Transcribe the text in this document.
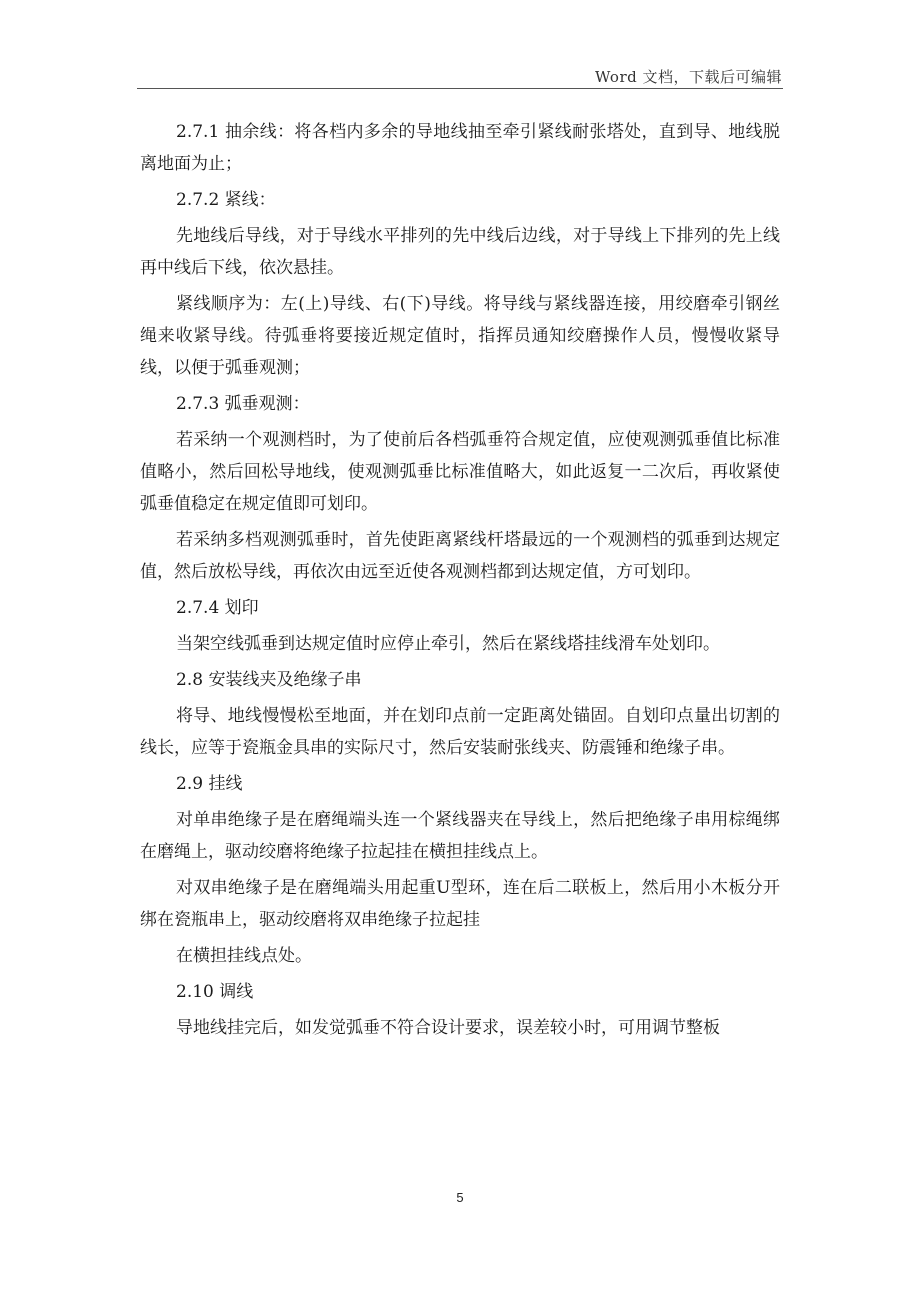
Word 文档，下载后可编辑

2.7.1 抽余线：将各档内多余的导地线抽至牵引紧线耐张塔处，直到导、地线脱离地面为止；

2.7.2 紧线：

先地线后导线，对于导线水平排列的先中线后边线，对于导线上下排列的先上线再中线后下线，依次悬挂。

紧线顺序为：左(上)导线、右(下)导线。将导线与紧线器连接，用绞磨牵引钢丝绳来收紧导线。待弧垂将要接近规定值时，指挥员通知绞磨操作人员，慢慢收紧导线，以便于弧垂观测；

2.7.3 弧垂观测：

若采纳一个观测档时，为了使前后各档弧垂符合规定值，应使观测弧垂值比标准值略小，然后回松导地线，使观测弧垂比标准值略大，如此返复一二次后，再收紧使弧垂值稳定在规定值即可划印。

若采纳多档观测弧垂时，首先使距离紧线杆塔最远的一个观测档的弧垂到达规定值，然后放松导线，再依次由远至近使各观测档都到达规定值，方可划印。

2.7.4 划印

当架空线弧垂到达规定值时应停止牵引，然后在紧线塔挂线滑车处划印。

2.8 安装线夹及绝缘子串

将导、地线慢慢松至地面，并在划印点前一定距离处锚固。自划印点量出切割的线长，应等于瓷瓶金具串的实际尺寸，然后安装耐张线夹、防震锤和绝缘子串。

2.9 挂线

对单串绝缘子是在磨绳端头连一个紧线器夹在导线上，然后把绝缘子串用棕绳绑在磨绳上，驱动绞磨将绝缘子拉起挂在横担挂线点上。

对双串绝缘子是在磨绳端头用起重U型环，连在后二联板上，然后用小木板分开绑在瓷瓶串上，驱动绞磨将双串绝缘子拉起挂

在横担挂线点处。

2.10 调线

导地线挂完后，如发觉弧垂不符合设计要求，误差较小时，可用调节整板

5
